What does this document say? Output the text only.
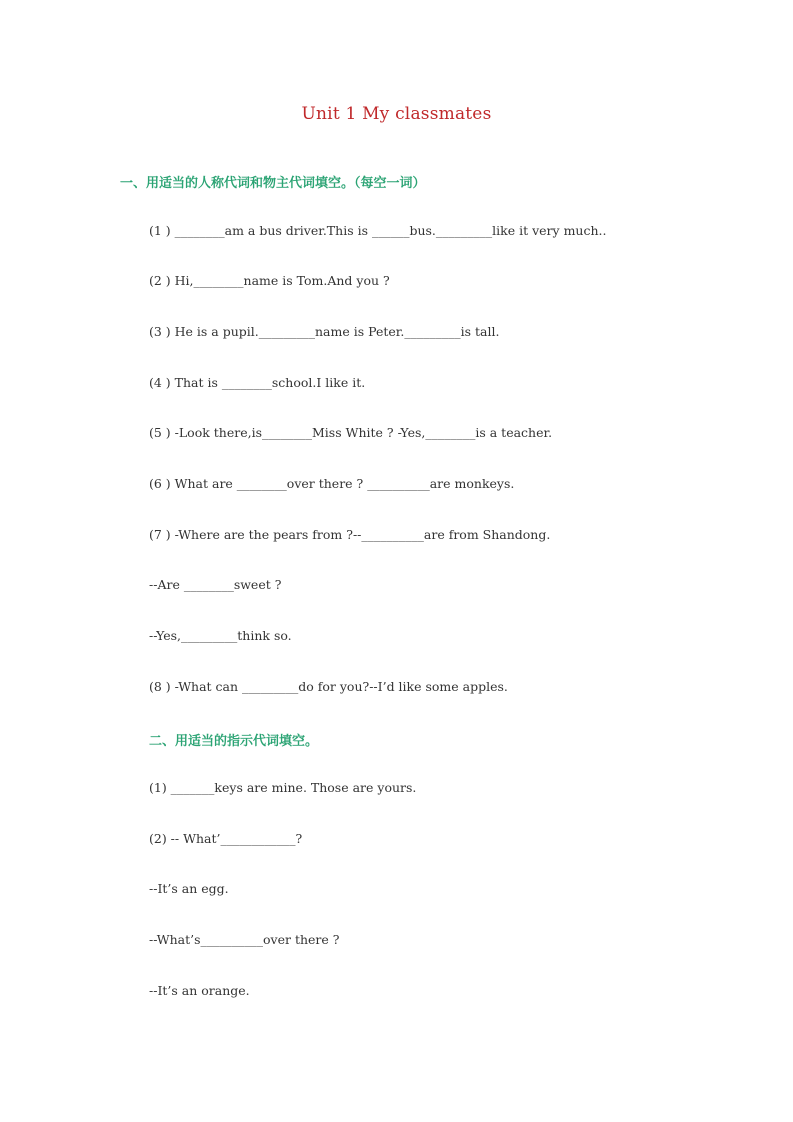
Unit 1 My classmates
一、用适当的人称代词和物主代词填空。（每空一词）
(1 ) ________am a bus driver.This is ______bus._________like it very much..
(2 ) Hi,________name is Tom.And you ?
(3 ) He is a pupil._________name is Peter._________is tall.
(4 ) That is ________school.I like it.
(5 ) -Look there,is________Miss White ? -Yes,________is a teacher.
(6 ) What are ________over there ? __________are monkeys.
(7 ) -Where are the pears from ?--__________are from Shandong.
--Are ________sweet ?
--Yes,_________think so.
(8 ) -What can _________do for you?--I’d like some apples.
二、用适当的指示代词填空。
(1) _______keys are mine. Those are yours.
(2) -- What’____________?
--It’s an egg.
--What’s__________over there ?
--It’s an orange.
